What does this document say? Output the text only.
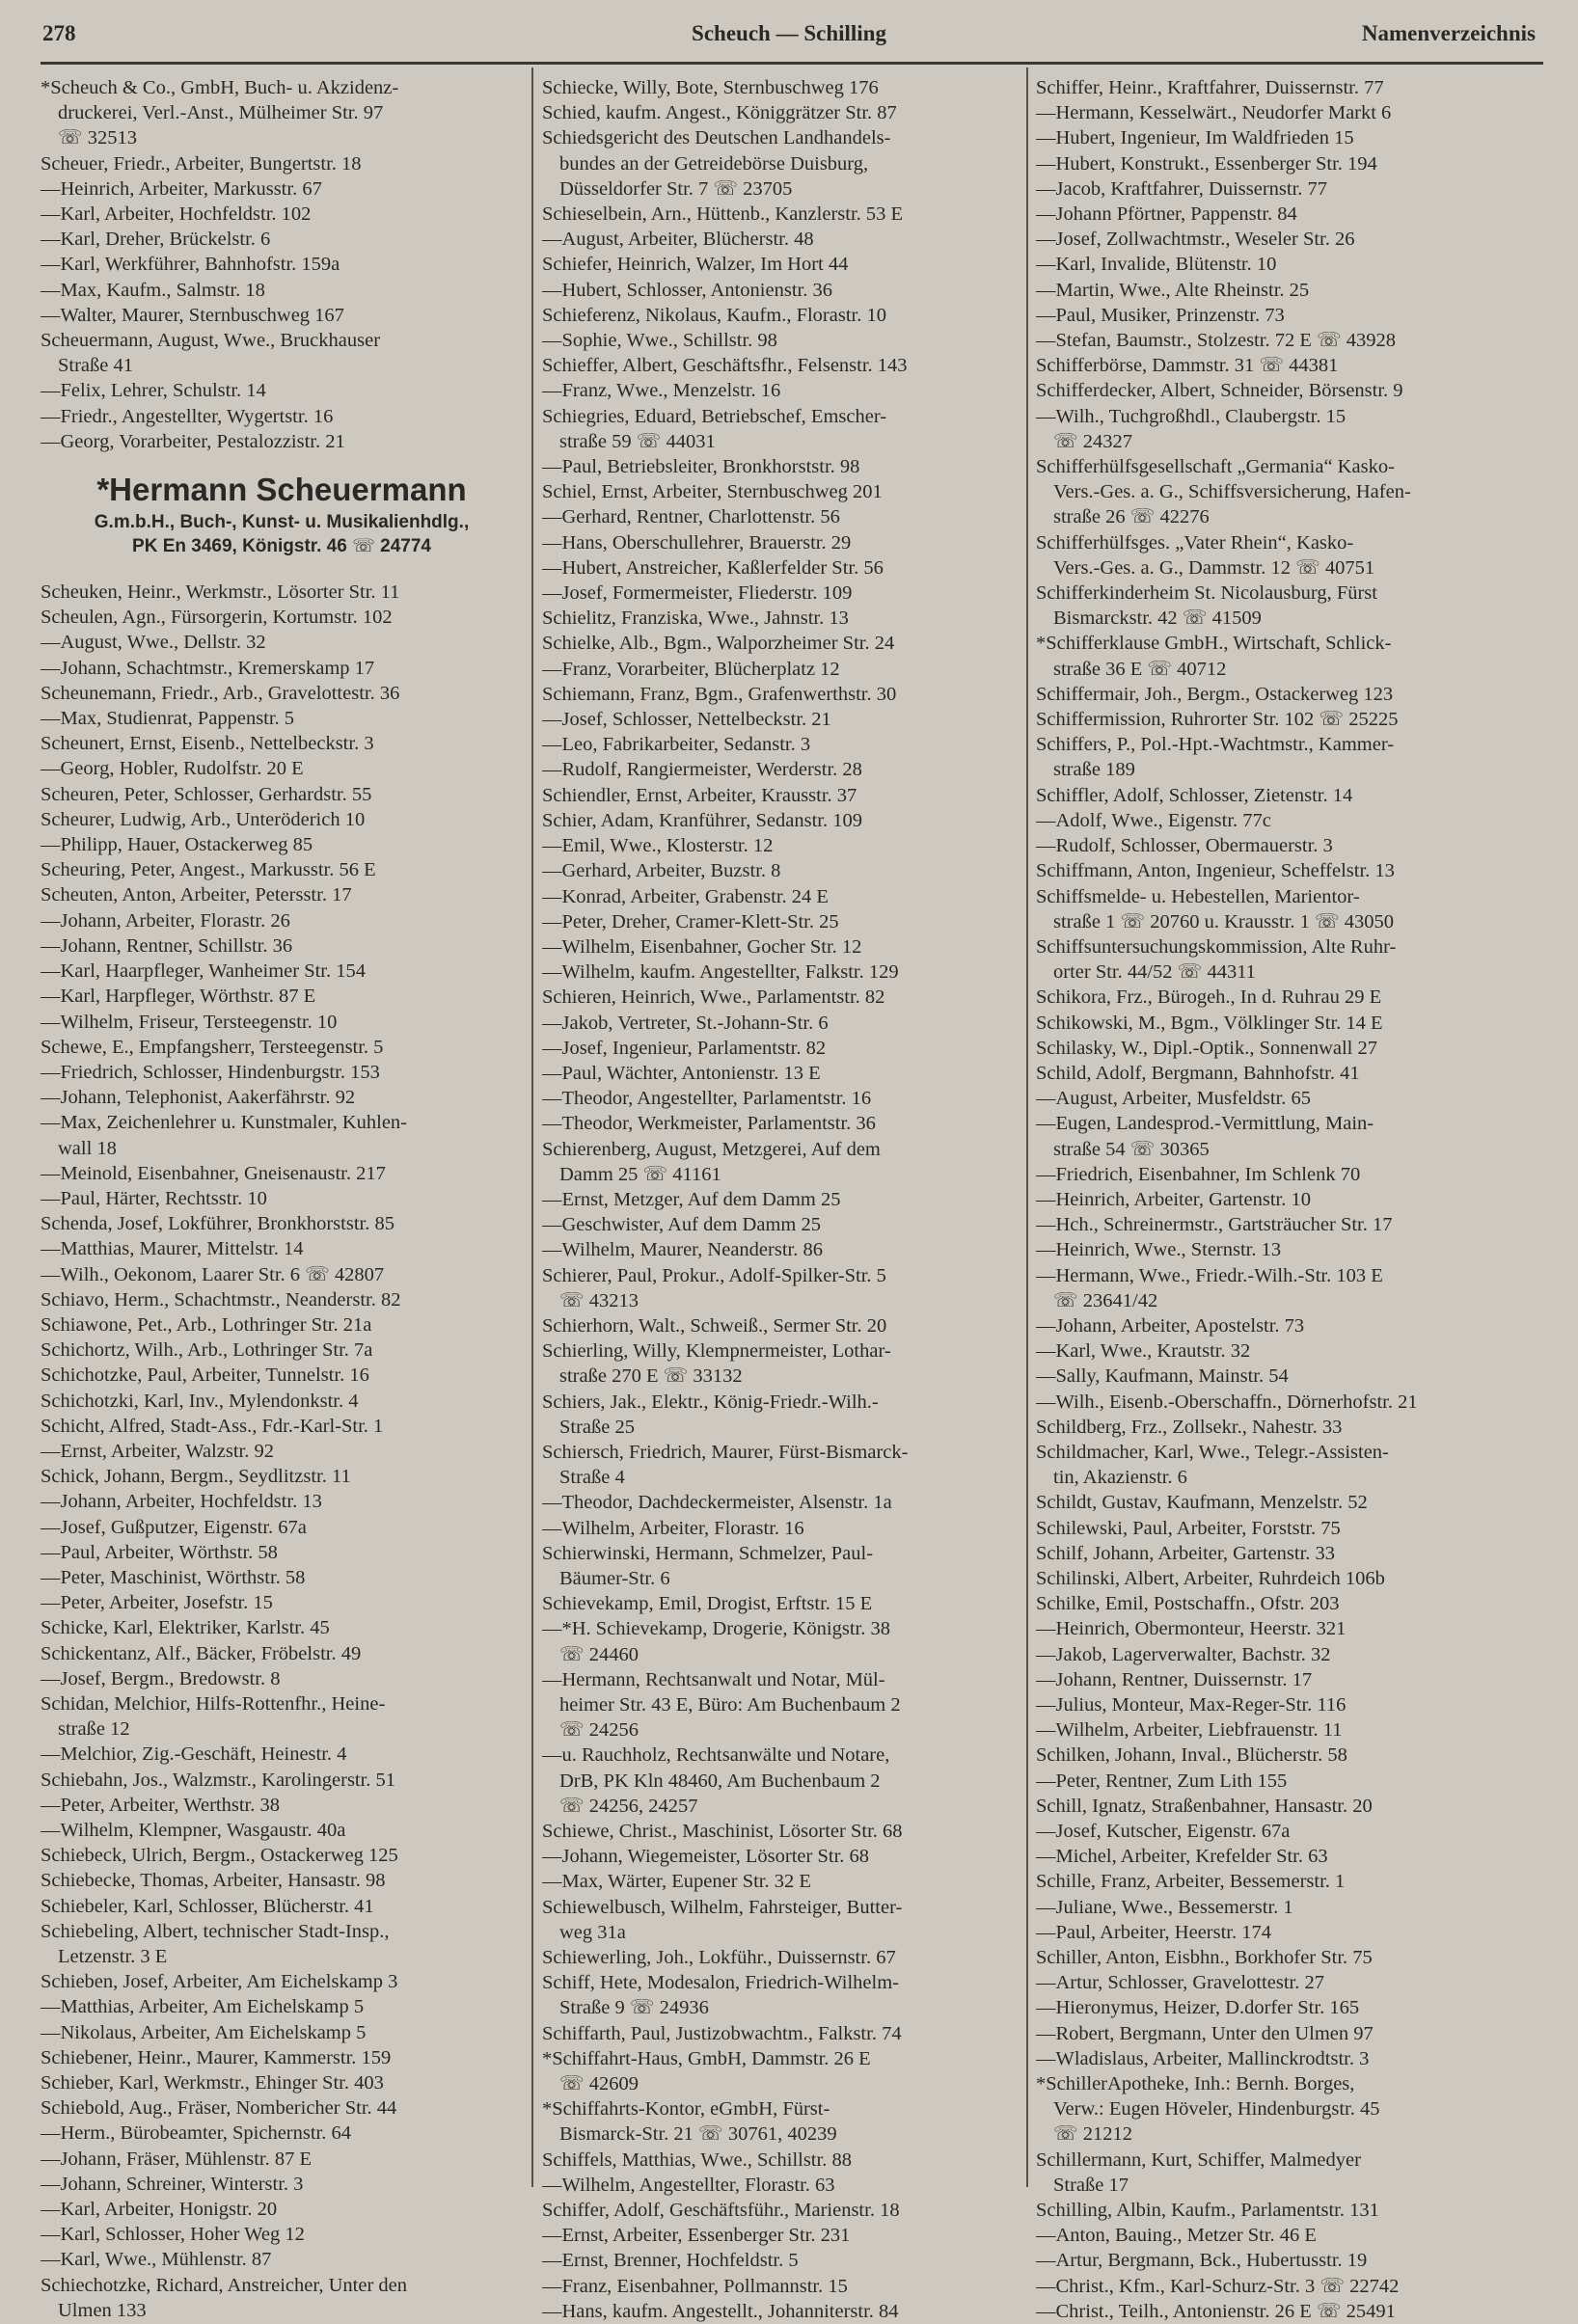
278	Scheuch — Schilling	Namenverzeichnis
*Scheuch & Co., GmbH, Buch- u. Akzidenz-
druckerei, Verl.-Anst., Mülheimer Str. 97
☏ 32513
Scheuer, Friedr., Arbeiter, Bungertstr. 18
—Heinrich, Arbeiter, Markusstr. 67
—Karl, Arbeiter, Hochfeldstr. 102
—Karl, Dreher, Brückelstr. 6
—Karl, Werkführer, Bahnhofstr. 159a
—Max, Kaufm., Salmstr. 18
—Walter, Maurer, Sternbuschweg 167
Scheuermann, August, Wwe., Bruckhauser
Straße 41
—Felix, Lehrer, Schulstr. 14
—Friedr., Angestellter, Wygertstr. 16
—Georg, Vorarbeiter, Pestalozzistr. 21
*Hermann Scheuermann
G.m.b.H., Buch-, Kunst- u. Musikalienhdlg.,
PK En 3469, Königstr. 46 ☏ 24774
Scheuken, Heinr., Werkmstr., Lösorter Str. 11
Scheulen, Agn., Fürsorgerin, Kortumstr. 102
—August, Wwe., Dellstr. 32
—Johann, Schachtmstr., Kremerskamp 17
Scheunemann, Friedr., Arb., Gravelottestr. 36
—Max, Studienrat, Pappenstr. 5
Scheunert, Ernst, Eisenb., Nettelbeckstr. 3
—Georg, Hobler, Rudolfstr. 20 E
Scheuren, Peter, Schlosser, Gerhardstr. 55
Scheurer, Ludwig, Arb., Unteröderich 10
—Philipp, Hauer, Ostackerweg 85
Scheuring, Peter, Angest., Markusstr. 56 E
Scheuten, Anton, Arbeiter, Petersstr. 17
—Johann, Arbeiter, Florastr. 26
—Johann, Rentner, Schillstr. 36
—Karl, Haarpfleger, Wanheimer Str. 154
—Karl, Harpfleger, Wörthstr. 87 E
—Wilhelm, Friseur, Tersteegenstr. 10
Schewe, E., Empfangsherr, Tersteegenstr. 5
—Friedrich, Schlosser, Hindenburgstr. 153
—Johann, Telephonist, Aakerfährstr. 92
—Max, Zeichenlehrer u. Kunstmaler, Kuhlen-
wall 18
—Meinold, Eisenbahner, Gneisenaustr. 217
—Paul, Härter, Rechtsstr. 10
Schenda, Josef, Lokführer, Bronkhorststr. 85
—Matthias, Maurer, Mittelstr. 14
—Wilh., Oekonom, Laarer Str. 6 ☏ 42807
Schiavo, Herm., Schachtmstr., Neanderstr. 82
Schiawone, Pet., Arb., Lothringer Str. 21a
Schichortz, Wilh., Arb., Lothringer Str. 7a
Schichotzke, Paul, Arbeiter, Tunnelstr. 16
Schichotzki, Karl, Inv., Mylendonkstr. 4
Schicht, Alfred, Stadt-Ass., Fdr.-Karl-Str. 1
—Ernst, Arbeiter, Walzstr. 92
Schick, Johann, Bergm., Seydlitzstr. 11
—Johann, Arbeiter, Hochfeldstr. 13
—Josef, Gußputzer, Eigenstr. 67a
—Paul, Arbeiter, Wörthstr. 58
—Peter, Maschinist, Wörthstr. 58
—Peter, Arbeiter, Josefstr. 15
Schicke, Karl, Elektriker, Karlstr. 45
Schickentanz, Alf., Bäcker, Fröbelstr. 49
—Josef, Bergm., Bredowstr. 8
Schidan, Melchior, Hilfs-Rottenfhr., Heine-
straße 12
—Melchior, Zig.-Geschäft, Heinestr. 4
Schiebahn, Jos., Walzmstr., Karolingerstr. 51
—Peter, Arbeiter, Werthstr. 38
—Wilhelm, Klempner, Wasgaustr. 40a
Schiebeck, Ulrich, Bergm., Ostackerweg 125
Schiebecke, Thomas, Arbeiter, Hansastr. 98
Schiebeler, Karl, Schlosser, Blücherstr. 41
Schiebeling, Albert, technischer Stadt-Insp.,
Letzenstr. 3 E
Schieben, Josef, Arbeiter, Am Eichelskamp 3
—Matthias, Arbeiter, Am Eichelskamp 5
—Nikolaus, Arbeiter, Am Eichelskamp 5
Schiebener, Heinr., Maurer, Kammerstr. 159
Schieber, Karl, Werkmstr., Ehinger Str. 403
Schiebold, Aug., Fräser, Nombericher Str. 44
—Herm., Bürobeamter, Spichernstr. 64
—Johann, Fräser, Mühlenstr. 87 E
—Johann, Schreiner, Winterstr. 3
—Karl, Arbeiter, Honigstr. 20
—Karl, Schlosser, Hoher Weg 12
—Karl, Wwe., Mühlenstr. 87
Schiechotzke, Richard, Anstreicher, Unter den
Ulmen 133
Schiecke, Willy, Bote, Sternbuschweg 176
Schied, kaufm. Angest., Königgrätzer Str. 87
Schiedsgericht des Deutschen Landhandels-
bundes an der Getreidebörse Duisburg,
Düsseldorfer Str. 7 ☏ 23705
Schieselbein, Arn., Hüttenb., Kanzlerstr. 53 E
—August, Arbeiter, Blücherstr. 48
Schiefer, Heinrich, Walzer, Im Hort 44
—Hubert, Schlosser, Antonienstr. 36
Schieferenz, Nikolaus, Kaufm., Florastr. 10
—Sophie, Wwe., Schillstr. 98
Schieffer, Albert, Geschäftsfhr., Felsenstr. 143
—Franz, Wwe., Menzelstr. 16
Schiegries, Eduard, Betriebschef, Emscher-
straße 59 ☏ 44031
—Paul, Betriebsleiter, Bronkhorststr. 98
Schiel, Ernst, Arbeiter, Sternbuschweg 201
—Gerhard, Rentner, Charlottenstr. 56
—Hans, Oberschullehrer, Brauerstr. 29
—Hubert, Anstreicher, Kaßlerfelder Str. 56
—Josef, Formermeister, Fliederstr. 109
Schielitz, Franziska, Wwe., Jahnstr. 13
Schielke, Alb., Bgm., Walporzheimer Str. 24
—Franz, Vorarbeiter, Blücherplatz 12
Schiemann, Franz, Bgm., Grafenwerthstr. 30
—Josef, Schlosser, Nettelbeckstr. 21
—Leo, Fabrikarbeiter, Sedanstr. 3
—Rudolf, Rangiermeister, Werderstr. 28
Schiendler, Ernst, Arbeiter, Krausstr. 37
Schier, Adam, Kranführer, Sedanstr. 109
—Emil, Wwe., Klosterstr. 12
—Gerhard, Arbeiter, Buzstr. 8
—Konrad, Arbeiter, Grabenstr. 24 E
—Peter, Dreher, Cramer-Klett-Str. 25
—Wilhelm, Eisenbahner, Gocher Str. 12
—Wilhelm, kaufm. Angestellter, Falkstr. 129
Schieren, Heinrich, Wwe., Parlamentstr. 82
—Jakob, Vertreter, St.-Johann-Str. 6
—Josef, Ingenieur, Parlamentstr. 82
—Paul, Wächter, Antonienstr. 13 E
—Theodor, Angestellter, Parlamentstr. 16
—Theodor, Werkmeister, Parlamentstr. 36
Schierenberg, August, Metzgerei, Auf dem
Damm 25 ☏ 41161
—Ernst, Metzger, Auf dem Damm 25
—Geschwister, Auf dem Damm 25
—Wilhelm, Maurer, Neanderstr. 86
Schierer, Paul, Prokur., Adolf-Spilker-Str. 5
☏ 43213
Schierhorn, Walt., Schweiß., Sermer Str. 20
Schierling, Willy, Klempnermeister, Lothar-
straße 270 E ☏ 33132
Schiers, Jak., Elektr., König-Friedr.-Wilh.-
Straße 25
Schiersch, Friedrich, Maurer, Fürst-Bismarck-
Straße 4
—Theodor, Dachdeckermeister, Alsenstr. 1a
—Wilhelm, Arbeiter, Florastr. 16
Schierwinski, Hermann, Schmelzer, Paul-
Bäumer-Str. 6
Schievekamp, Emil, Drogist, Erftstr. 15 E
—*H. Schievekamp, Drogerie, Königstr. 38
☏ 24460
—Hermann, Rechtsanwalt und Notar, Mül-
heimer Str. 43 E, Büro: Am Buchenbaum 2
☏ 24256
—u. Rauchholz, Rechtsanwälte und Notare,
DrB, PK Kln 48460, Am Buchenbaum 2
☏ 24256, 24257
Schiewe, Christ., Maschinist, Lösorter Str. 68
—Johann, Wiegemeister, Lösorter Str. 68
—Max, Wärter, Eupener Str. 32 E
Schiewelbusch, Wilhelm, Fahrsteiger, Butter-
weg 31a
Schiewerling, Joh., Lokführ., Duissernstr. 67
Schiff, Hete, Modesalon, Friedrich-Wilhelm-
Straße 9 ☏ 24936
Schiffarth, Paul, Justizobwachtm., Falkstr. 74
*Schiffahrt-Haus, GmbH, Dammstr. 26 E
☏ 42609
*Schiffahrts-Kontor, eGmbH, Fürst-
Bismarck-Str. 21 ☏ 30761, 40239
Schiffels, Matthias, Wwe., Schillstr. 88
—Wilhelm, Angestellter, Florastr. 63
Schiffer, Adolf, Geschäftsführ., Marienstr. 18
—Ernst, Arbeiter, Essenberger Str. 231
—Ernst, Brenner, Hochfeldstr. 5
—Franz, Eisenbahner, Pollmannstr. 15
—Hans, kaufm. Angestellt., Johanniterstr. 84
Schiffer, Heinr., Kraftfahrer, Duissernstr. 77
—Hermann, Kesselwärt., Neudorfer Markt 6
—Hubert, Ingenieur, Im Waldfrieden 15
—Hubert, Konstrukt., Essenberger Str. 194
—Jacob, Kraftfahrer, Duissernstr. 77
—Johann Pförtner, Pappenstr. 84
—Josef, Zollwachtmstr., Weseler Str. 26
—Karl, Invalide, Blütenstr. 10
—Martin, Wwe., Alte Rheinstr. 25
—Paul, Musiker, Prinzenstr. 73
—Stefan, Baumstr., Stolzestr. 72 E ☏ 43928
Schifferbörse, Dammstr. 31 ☏ 44381
Schifferdecker, Albert, Schneider, Börsenstr. 9
—Wilh., Tuchgroßhdl., Claubergstr. 15
☏ 24327
Schifferhülfsgesellschaft „Germania“ Kasko-
Vers.-Ges. a. G., Schiffsversicherung, Hafen-
straße 26 ☏ 42276
Schifferhülfsges. „Vater Rhein“, Kasko-
Vers.-Ges. a. G., Dammstr. 12 ☏ 40751
Schifferkinderheim St. Nicolausburg, Fürst
Bismarckstr. 42 ☏ 41509
*Schifferklause GmbH., Wirtschaft, Schlick-
straße 36 E ☏ 40712
Schiffermair, Joh., Bergm., Ostackerweg 123
Schiffermission, Ruhrorter Str. 102 ☏ 25225
Schiffers, P., Pol.-Hpt.-Wachtmstr., Kammer-
straße 189
Schiffler, Adolf, Schlosser, Zietenstr. 14
—Adolf, Wwe., Eigenstr. 77c
—Rudolf, Schlosser, Obermauerstr. 3
Schiffmann, Anton, Ingenieur, Scheffelstr. 13
Schiffsmelde- u. Hebestellen, Marientor-
straße 1 ☏ 20760 u. Krausstr. 1 ☏ 43050
Schiffsuntersuchungskommission, Alte Ruhr-
orter Str. 44/52 ☏ 44311
Schikora, Frz., Bürogeh., In d. Ruhrau 29 E
Schikowski, M., Bgm., Völklinger Str. 14 E
Schilasky, W., Dipl.-Optik., Sonnenwall 27
Schild, Adolf, Bergmann, Bahnhofstr. 41
—August, Arbeiter, Musfeldstr. 65
—Eugen, Landesprod.-Vermittlung, Main-
straße 54 ☏ 30365
—Friedrich, Eisenbahner, Im Schlenk 70
—Heinrich, Arbeiter, Gartenstr. 10
—Hch., Schreinermstr., Gartsträucher Str. 17
—Heinrich, Wwe., Sternstr. 13
—Hermann, Wwe., Friedr.-Wilh.-Str. 103 E
☏ 23641/42
—Johann, Arbeiter, Apostelstr. 73
—Karl, Wwe., Krautstr. 32
—Sally, Kaufmann, Mainstr. 54
—Wilh., Eisenb.-Oberschaffn., Dörnerhofstr. 21
Schildberg, Frz., Zollsekr., Nahestr. 33
Schildmacher, Karl, Wwe., Telegr.-Assisten-
tin, Akazienstr. 6
Schildt, Gustav, Kaufmann, Menzelstr. 52
Schilewski, Paul, Arbeiter, Forststr. 75
Schilf, Johann, Arbeiter, Gartenstr. 33
Schilinski, Albert, Arbeiter, Ruhrdeich 106b
Schilke, Emil, Postschaffn., Ofstr. 203
—Heinrich, Obermonteur, Heerstr. 321
—Jakob, Lagerverwalter, Bachstr. 32
—Johann, Rentner, Duissernstr. 17
—Julius, Monteur, Max-Reger-Str. 116
—Wilhelm, Arbeiter, Liebfrauenstr. 11
Schilken, Johann, Inval., Blücherstr. 58
—Peter, Rentner, Zum Lith 155
Schill, Ignatz, Straßenbahner, Hansastr. 20
—Josef, Kutscher, Eigenstr. 67a
—Michel, Arbeiter, Krefelder Str. 63
Schille, Franz, Arbeiter, Bessemerstr. 1
—Juliane, Wwe., Bessemerstr. 1
—Paul, Arbeiter, Heerstr. 174
Schiller, Anton, Eisbhn., Borkhofer Str. 75
—Artur, Schlosser, Gravelottestr. 27
—Hieronymus, Heizer, D.dorfer Str. 165
—Robert, Bergmann, Unter den Ulmen 97
—Wladislaus, Arbeiter, Mallinckrodtstr. 3
*SchillerApotheke, Inh.: Bernh. Borges,
Verw.: Eugen Höveler, Hindenburgstr. 45
☏ 21212
Schillermann, Kurt, Schiffer, Malmedyer
Straße 17
Schilling, Albin, Kaufm., Parlamentstr. 131
—Anton, Bauing., Metzer Str. 46 E
—Artur, Bergmann, Bck., Hubertusstr. 19
—Christ., Kfm., Karl-Schurz-Str. 3 ☏ 22742
—Christ., Teilh., Antonienstr. 26 E ☏ 25491
